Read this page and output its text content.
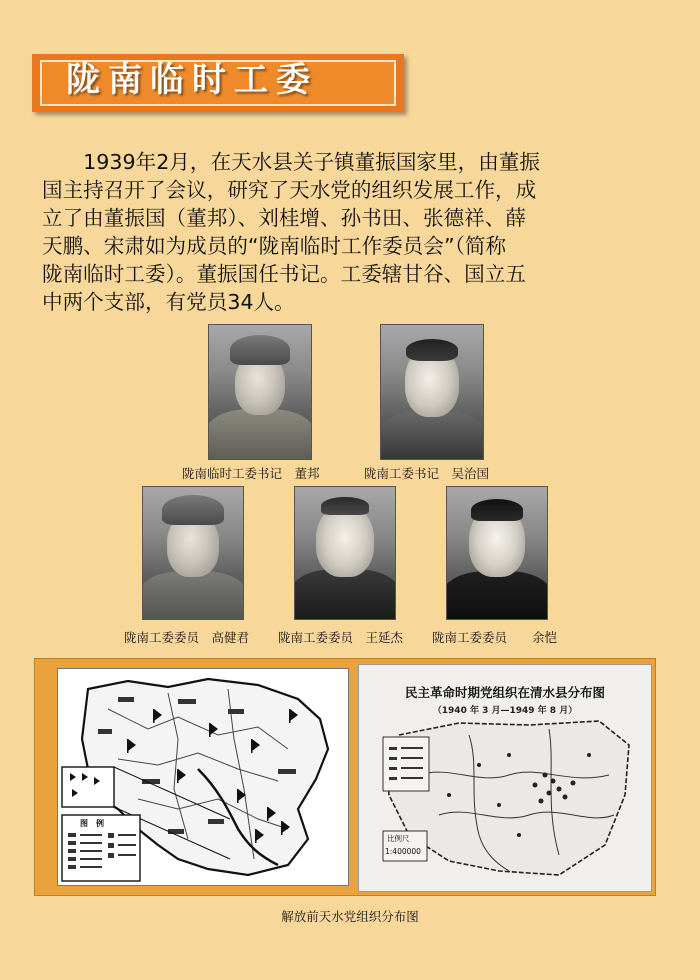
陇南临时工委
　　1939年2月，在天水县关子镇董振国家里，由董振
国主持召开了会议，研究了天水党的组织发展工作，成
立了由董振国（董邦）、刘桂增、孙书田、张德祥、薛
天鹏、宋肃如为成员的“陇南临时工作委员会”（简称
陇南临时工委）。董振国任书记。工委辖甘谷、国立五
中两个支部，有党员34人。
陇南临时工委书记　董邦	陇南工委书记　吴治国
陇南工委委员　高健君 陇南工委委员　王延杰 陇南工委委员　　余恺
图　例
民主革命时期党组织在清水县分布图
（1940 年 3 月—1949 年 8 月）
比例尺
1:400000
解放前天水党组织分布图
